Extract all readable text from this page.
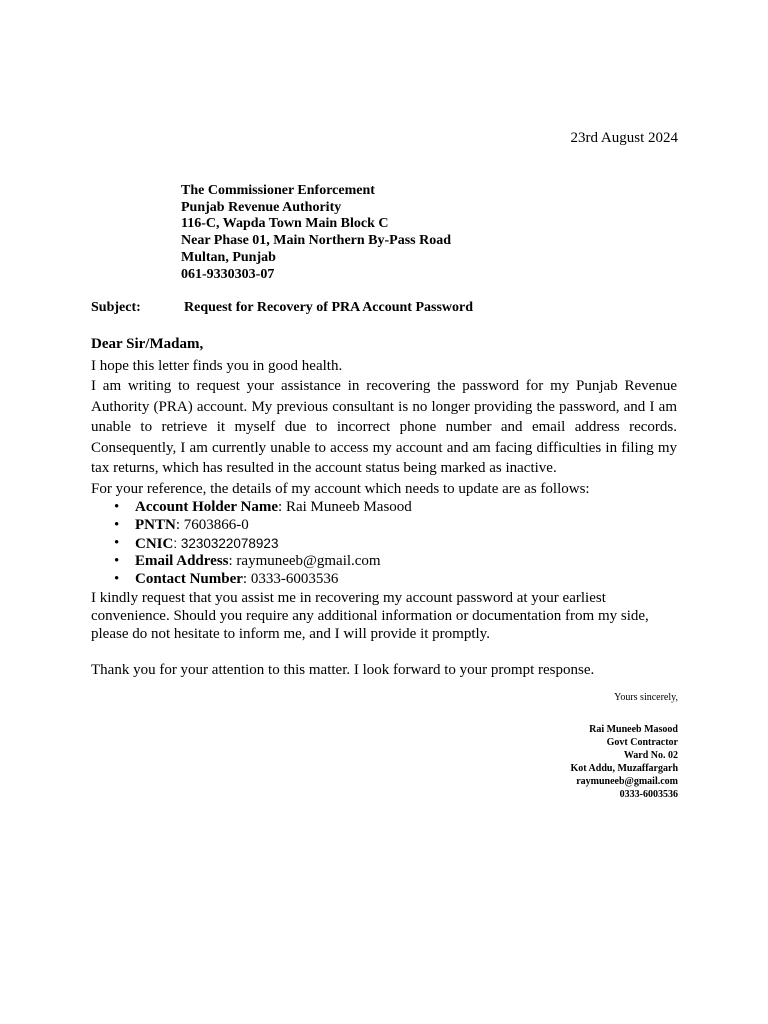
23rd August 2024
The Commissioner Enforcement
Punjab Revenue Authority
116-C, Wapda Town Main Block C
Near Phase 01, Main Northern By-Pass Road
Multan, Punjab
061-9330303-07
Subject:	Request for Recovery of PRA Account Password
Dear Sir/Madam,

I hope this letter finds you in good health.

I am writing to request your assistance in recovering the password for my Punjab Revenue Authority (PRA) account. My previous consultant is no longer providing the password, and I am unable to retrieve it myself due to incorrect phone number and email address records. Consequently, I am currently unable to access my account and am facing difficulties in filing my tax returns, which has resulted in the account status being marked as inactive.

For your reference, the details of my account which needs to update are as follows:

• Account Holder Name: Rai Muneeb Masood
• PNTN: 7603866-0
• CNIC: 3230322078923
• Email Address: raymuneeb@gmail.com
• Contact Number: 0333-6003536

I kindly request that you assist me in recovering my account password at your earliest convenience. Should you require any additional information or documentation from my side, please do not hesitate to inform me, and I will provide it promptly.

Thank you for your attention to this matter. I look forward to your prompt response.

Yours sincerely,
Rai Muneeb Masood
Govt Contractor
Ward No. 02
Kot Addu, Muzaffargarh
raymuneeb@gmail.com
0333-6003536
